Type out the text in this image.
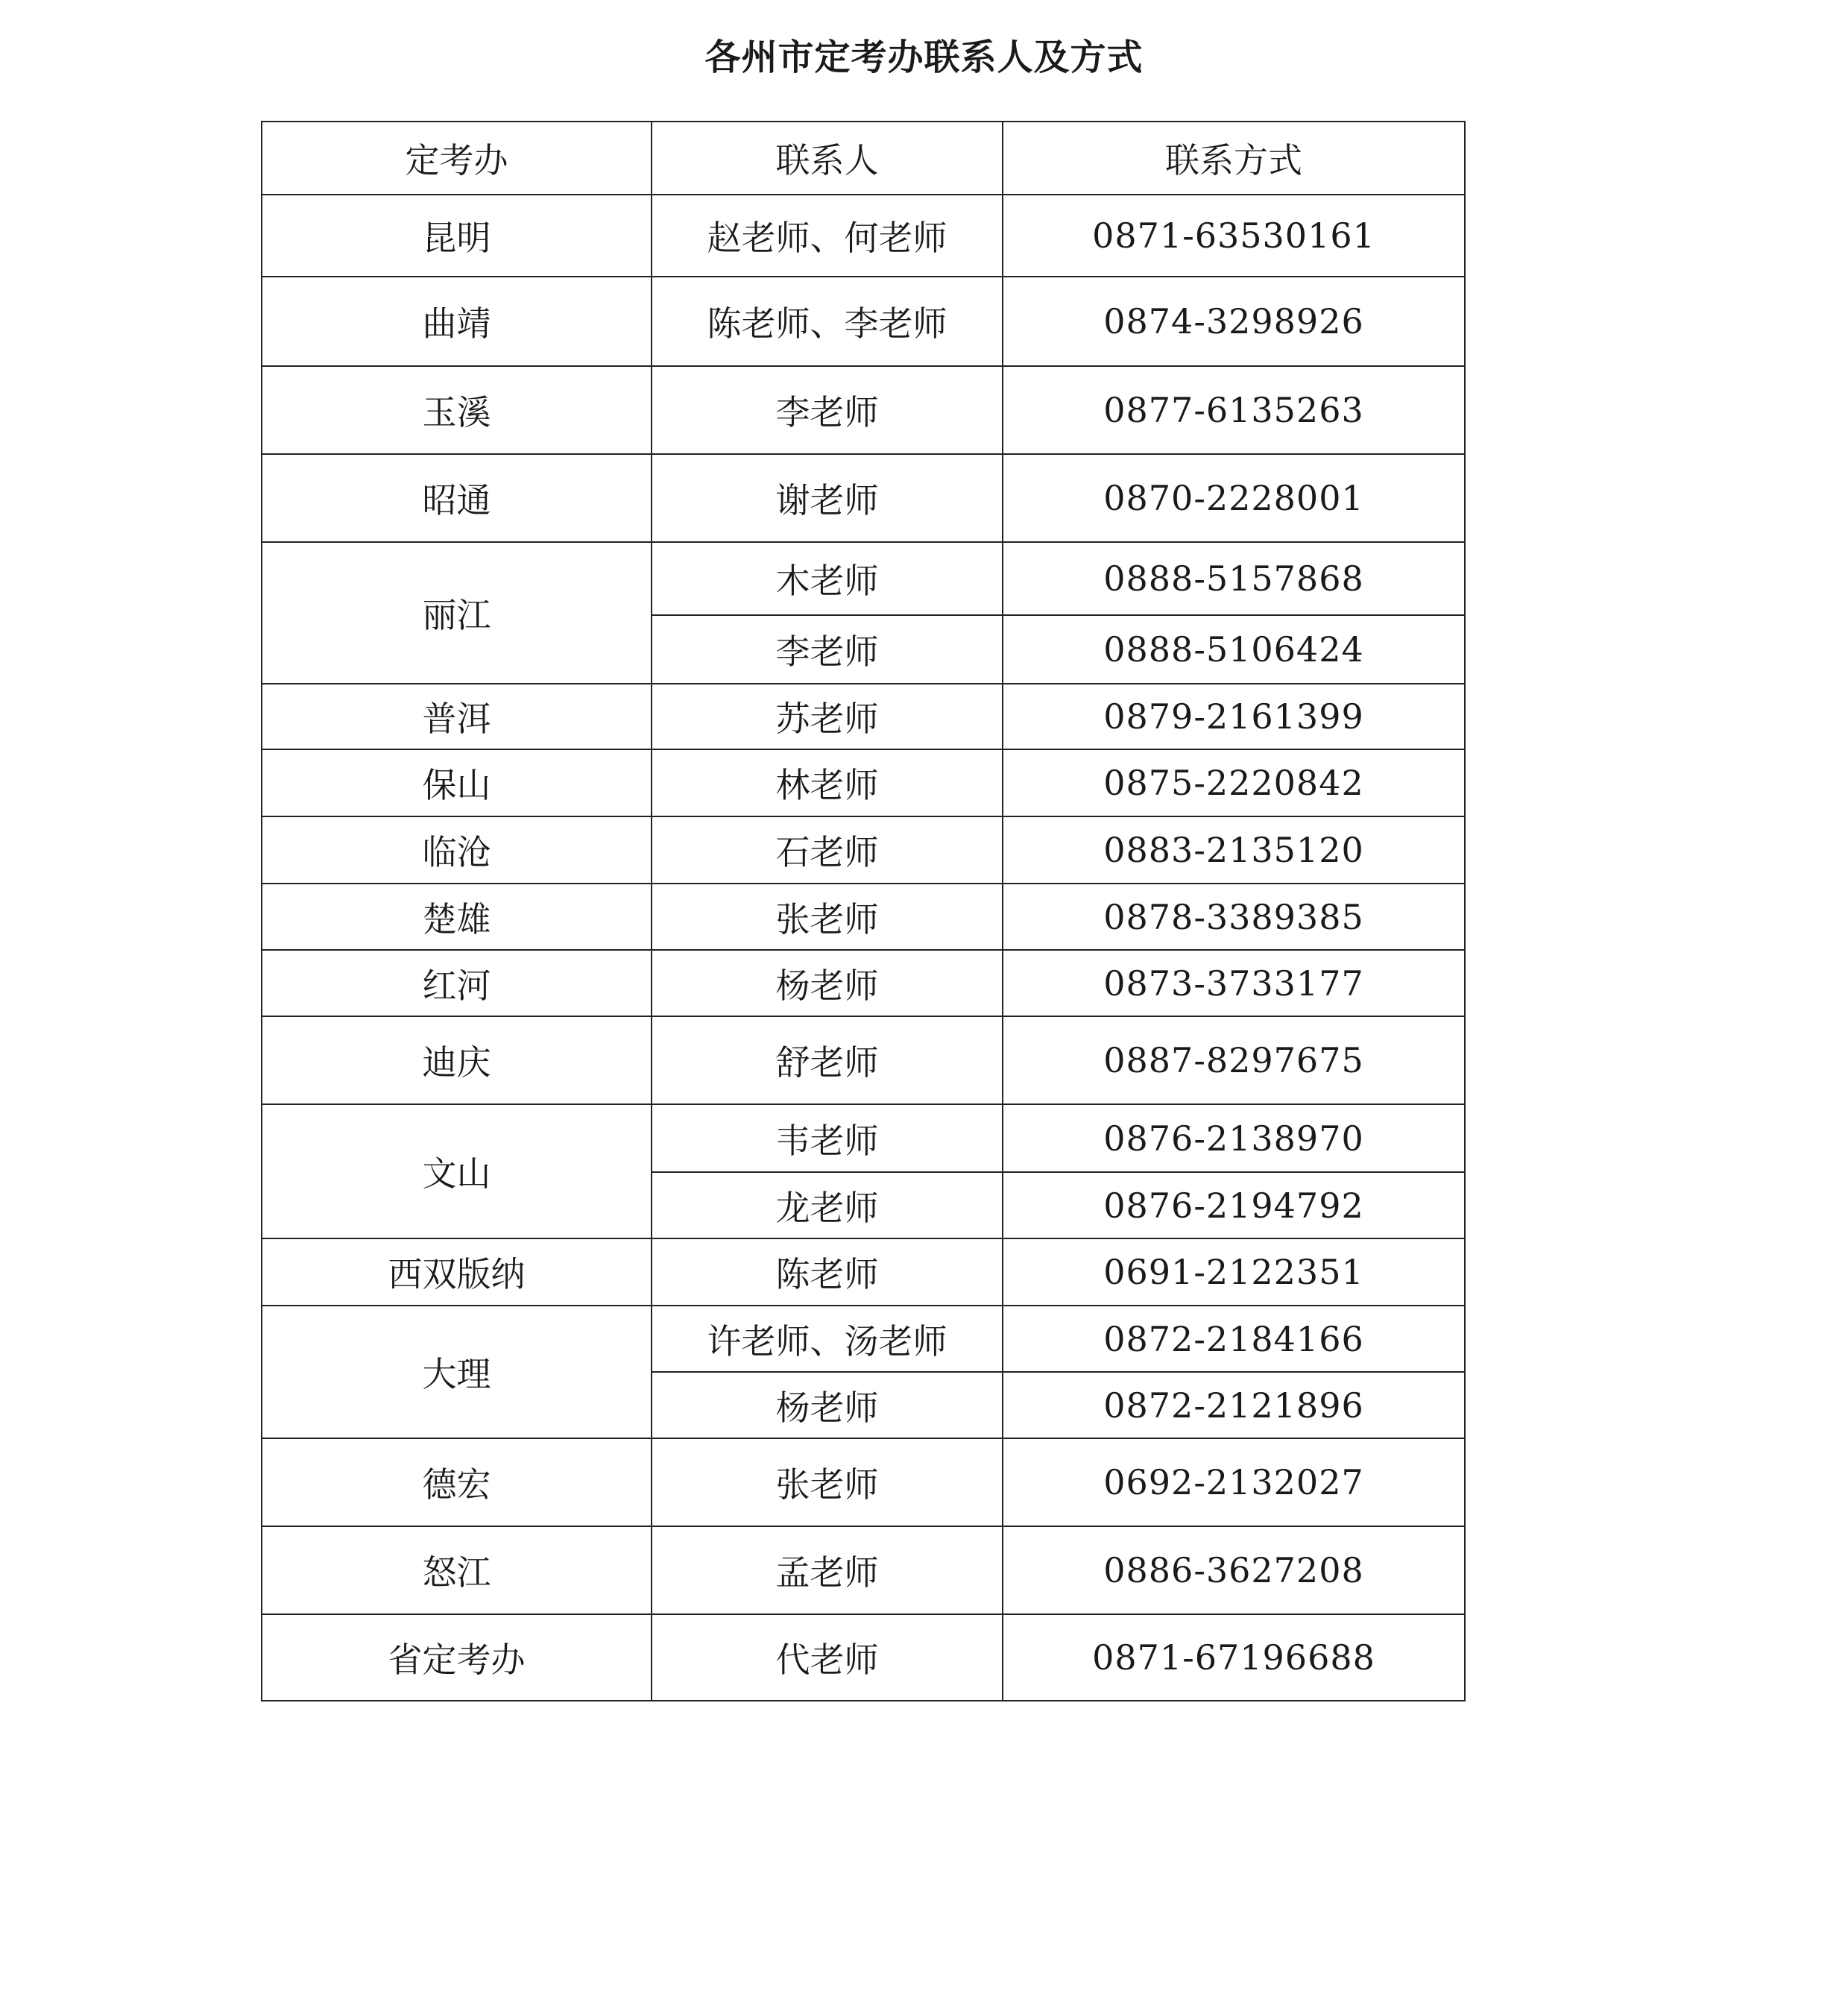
各州市定考办联系人及方式
定考办	联系人	联系方式
昆明	赵老师、何老师	0871-63530161
曲靖	陈老师、李老师	0874-3298926
玉溪	李老师	0877-6135263
昭通	谢老师	0870-2228001
丽江	木老师	0888-5157868
	李老师	0888-5106424
普洱	苏老师	0879-2161399
保山	林老师	0875-2220842
临沧	石老师	0883-2135120
楚雄	张老师	0878-3389385
红河	杨老师	0873-3733177
迪庆	舒老师	0887-8297675
文山	韦老师	0876-2138970
	龙老师	0876-2194792
西双版纳	陈老师	0691-2122351
大理	许老师、汤老师	0872-2184166
	杨老师	0872-2121896
德宏	张老师	0692-2132027
怒江	孟老师	0886-3627208
省定考办	代老师	0871-67196688
